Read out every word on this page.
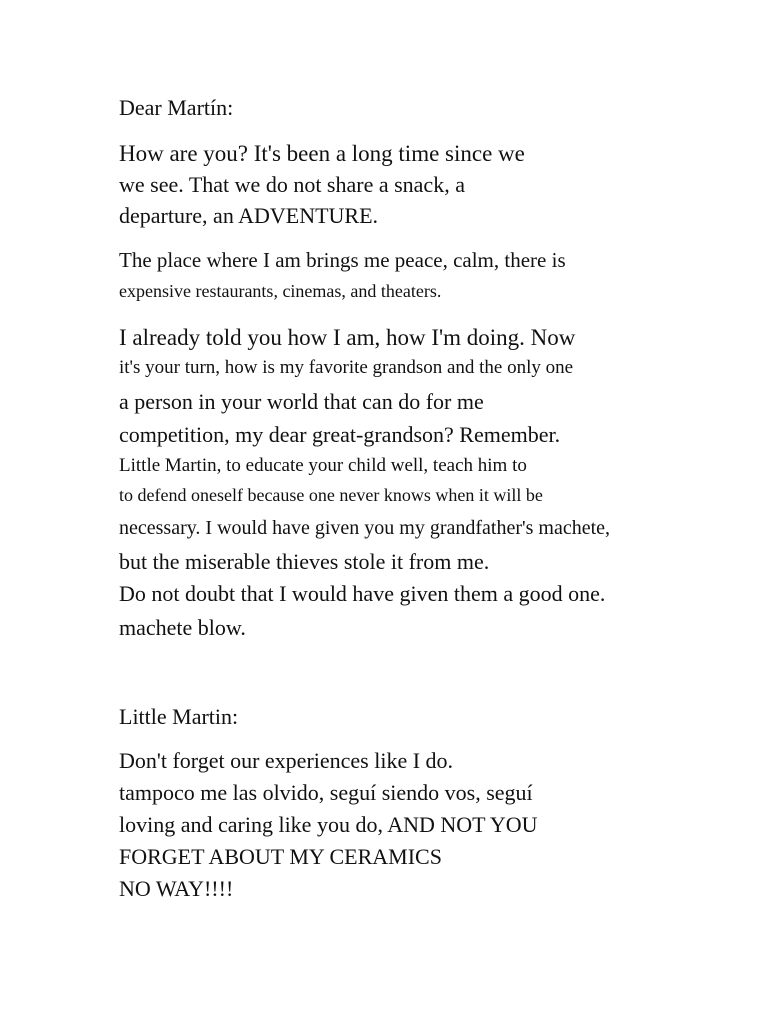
Dear Martín:
How are you? It's been a long time since we
we see. That we do not share a snack, a
departure, an ADVENTURE.
The place where I am brings me peace, calm, there is
expensive restaurants, cinemas, and theaters.
I already told you how I am, how I'm doing. Now
it's your turn, how is my favorite grandson and the only one
a person in your world that can do for me
competition, my dear great-grandson? Remember.
Little Martin, to educate your child well, teach him to
to defend oneself because one never knows when it will be
necessary. I would have given you my grandfather's machete,
but the miserable thieves stole it from me.
Do not doubt that I would have given them a good one.
machete blow.
Little Martin:
Don't forget our experiences like I do.
tampoco me las olvido, seguí siendo vos, seguí
loving and caring like you do, AND NOT YOU
FORGET ABOUT MY CERAMICS
NO WAY!!!!
